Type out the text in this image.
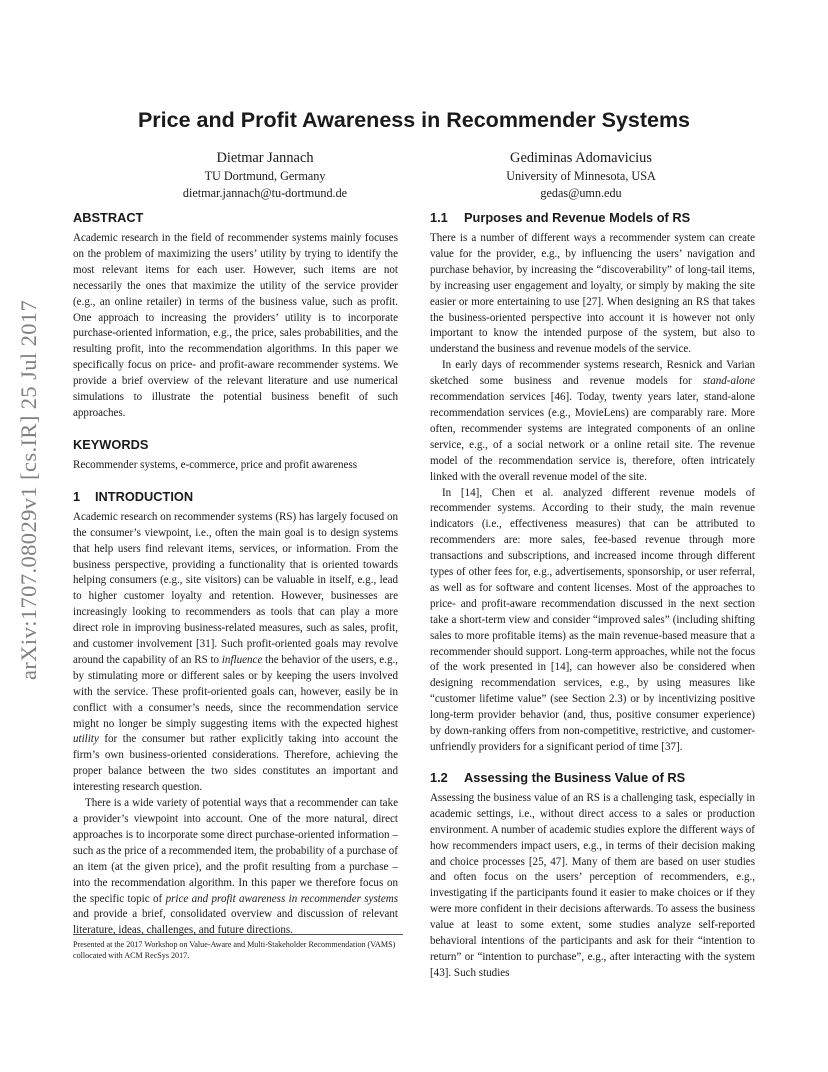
arXiv:1707.08029v1 [cs.IR] 25 Jul 2017
Price and Profit Awareness in Recommender Systems
Dietmar Jannach
TU Dortmund, Germany
dietmar.jannach@tu-dortmund.de
Gediminas Adomavicius
University of Minnesota, USA
gedas@umn.edu
ABSTRACT

Academic research in the field of recommender systems mainly focuses on the problem of maximizing the users’ utility by trying to identify the most relevant items for each user. However, such items are not necessarily the ones that maximize the utility of the service provider (e.g., an online retailer) in terms of the business value, such as profit. One approach to increasing the providers’ utility is to incorporate purchase-oriented information, e.g., the price, sales probabilities, and the resulting profit, into the recommendation algorithms. In this paper we specifically focus on price- and profit-aware recommender systems. We provide a brief overview of the relevant literature and use numerical simulations to illustrate the potential business benefit of such approaches.

KEYWORDS

Recommender systems, e-commerce, price and profit awareness

1 INTRODUCTION

Academic research on recommender systems (RS) has largely focused on the consumer’s viewpoint, i.e., often the main goal is to design systems that help users find relevant items, services, or information. From the business perspective, providing a functionality that is oriented towards helping consumers (e.g., site visitors) can be valuable in itself, e.g., lead to higher customer loyalty and retention. However, businesses are increasingly looking to recommenders as tools that can play a more direct role in improving business-related measures, such as sales, profit, and customer involvement [31]. Such profit-oriented goals may revolve around the capability of an RS to influence the behavior of the users, e.g., by stimulating more or different sales or by keeping the users involved with the service. These profit-oriented goals can, however, easily be in conflict with a consumer’s needs, since the recommendation service might no longer be simply suggesting items with the expected highest utility for the consumer but rather explicitly taking into account the firm’s own business-oriented considerations. Therefore, achieving the proper balance between the two sides constitutes an important and interesting research question.

There is a wide variety of potential ways that a recommender can take a provider’s viewpoint into account. One of the more natural, direct approaches is to incorporate some direct purchase-oriented information – such as the price of a recommended item, the probability of a purchase of an item (at the given price), and the profit resulting from a purchase – into the recommendation algorithm. In this paper we therefore focus on the specific topic of price and profit awareness in recommender systems and provide a brief, consolidated overview and discussion of relevant literature, ideas, challenges, and future directions.

Presented at the 2017 Workshop on Value-Aware and Multi-Stakeholder Recommendation (VAMS) collocated with ACM RecSys 2017.
1.1 Purposes and Revenue Models of RS

There is a number of different ways a recommender system can create value for the provider, e.g., by influencing the users’ navigation and purchase behavior, by increasing the “discoverability” of long-tail items, by increasing user engagement and loyalty, or simply by making the site easier or more entertaining to use [27]. When designing an RS that takes the business-oriented perspective into account it is however not only important to know the intended purpose of the system, but also to understand the business and revenue models of the service.

In early days of recommender systems research, Resnick and Varian sketched some business and revenue models for stand-alone recommendation services [46]. Today, twenty years later, stand-alone recommendation services (e.g., MovieLens) are comparably rare. More often, recommender systems are integrated components of an online service, e.g., of a social network or a online retail site. The revenue model of the recommendation service is, therefore, often intricately linked with the overall revenue model of the site.

In [14], Chen et al. analyzed different revenue models of recommender systems. According to their study, the main revenue indicators (i.e., effectiveness measures) that can be attributed to recommenders are: more sales, fee-based revenue through more transactions and subscriptions, and increased income through different types of other fees for, e.g., advertisements, sponsorship, or user referral, as well as for software and content licenses. Most of the approaches to price- and profit-aware recommendation discussed in the next section take a short-term view and consider “improved sales” (including shifting sales to more profitable items) as the main revenue-based measure that a recommender should support. Long-term approaches, while not the focus of the work presented in [14], can however also be considered when designing recommendation services, e.g., by using measures like “customer lifetime value” (see Section 2.3) or by incentivizing positive long-term provider behavior (and, thus, positive consumer experience) by down-ranking offers from non-competitive, restrictive, and customer-unfriendly providers for a significant period of time [37].

1.2 Assessing the Business Value of RS

Assessing the business value of an RS is a challenging task, especially in academic settings, i.e., without direct access to a sales or production environment. A number of academic studies explore the different ways of how recommenders impact users, e.g., in terms of their decision making and choice processes [25, 47]. Many of them are based on user studies and often focus on the users’ perception of recommenders, e.g., investigating if the participants found it easier to make choices or if they were more confident in their decisions afterwards. To assess the business value at least to some extent, some studies analyze self-reported behavioral intentions of the participants and ask for their “intention to return” or “intention to purchase”, e.g., after interacting with the system [43]. Such studies
